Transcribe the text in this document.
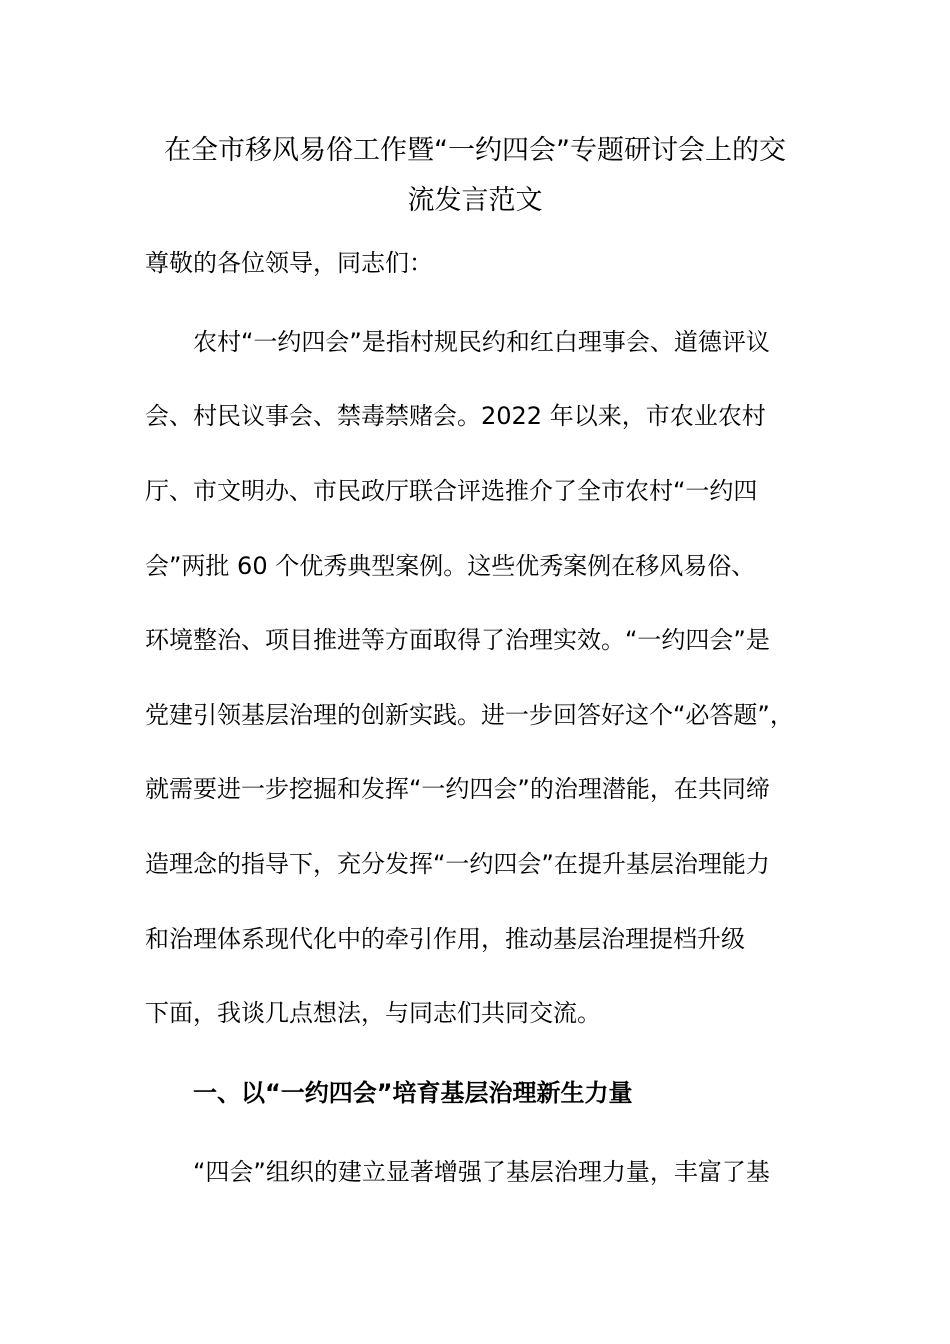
在全市移风易俗工作暨“一约四会”专题研讨会上的交
流发言范文
尊敬的各位领导，同志们：
农村“一约四会”是指村规民约和红白理事会、道德评议
会、村民议事会、禁毒禁赌会。2022 年以来，市农业农村
厅、市文明办、市民政厅联合评选推介了全市农村“一约四
会”两批 60 个优秀典型案例。这些优秀案例在移风易俗、
环境整治、项目推进等方面取得了治理实效。“一约四会”是
党建引领基层治理的创新实践。进一步回答好这个“必答题”，
就需要进一步挖掘和发挥“一约四会”的治理潜能，在共同缔
造理念的指导下，充分发挥“一约四会”在提升基层治理能力
和治理体系现代化中的牵引作用，推动基层治理提档升级
下面，我谈几点想法，与同志们共同交流。
一、以“一约四会”培育基层治理新生力量
“四会”组织的建立显著增强了基层治理力量，丰富了基
